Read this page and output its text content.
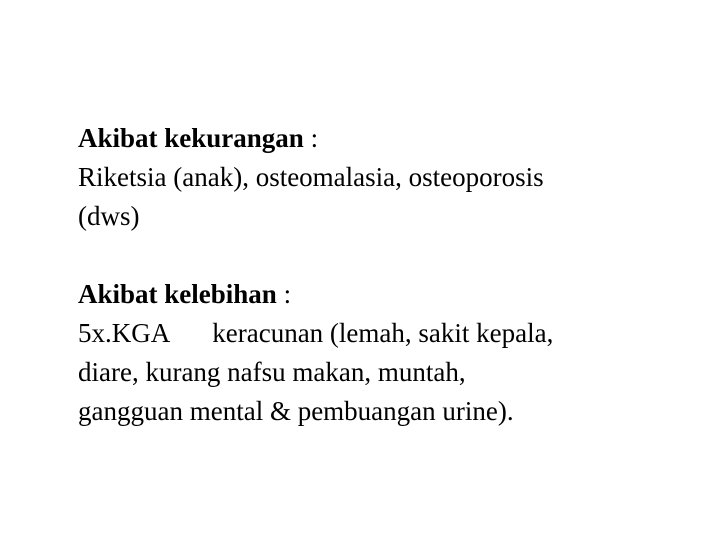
Akibat kekurangan :
Riketsia (anak), osteomalasia, osteoporosis
(dws)
Akibat kelebihan :
5x.KGA keracunan (lemah, sakit kepala,
diare, kurang nafsu makan, muntah,
gangguan mental & pembuangan urine).
